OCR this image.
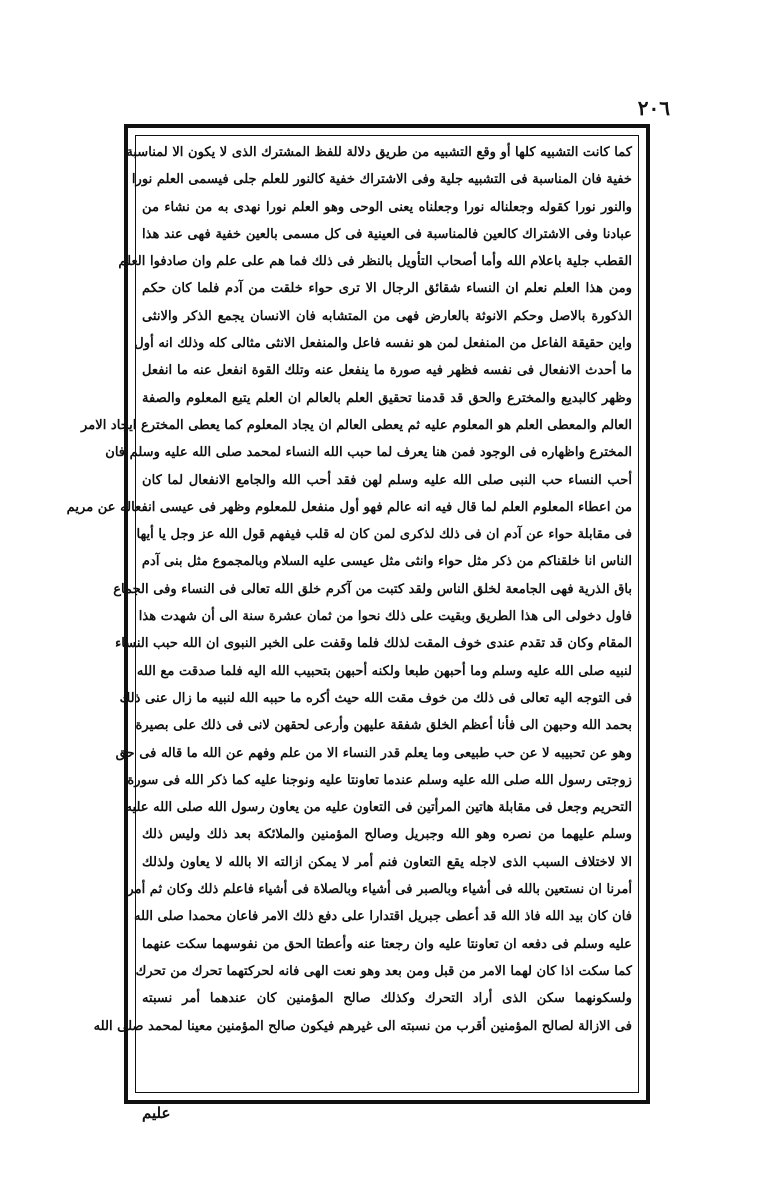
٢٠٦
كما كانت التشبيه كلها أو وقع التشبيه من طريق دلالة للفظ المشترك الذى لا يكون الا لمناسبة
خفية فان المناسبة فى التشبيه جلية وفى الاشتراك خفية كالنور للعلم جلى فيسمى العلم نورا
والنور نورا كقوله وجعلناله نورا وجعلناه يعنى الوحى وهو العلم نورا نهدى به من نشاء من
عبادنا وفى الاشتراك كالعين فالمناسبة فى العينية فى كل مسمى بالعين خفية فهى عند هذا
القطب جلية باعلام الله وأما أصحاب التأويل بالنظر فى ذلك فما هم على علم وان صادفوا العلم
ومن هذا العلم نعلم ان النساء شقائق الرجال الا ترى حواء خلقت من آدم فلما كان حكم
الذكورة بالاصل وحكم الانوثة بالعارض فهى من المتشابه فان الانسان يجمع الذكر والانثى
واين حقيقة الفاعل من المنفعل لمن هو نفسه فاعل والمنفعل الانثى مثالى كله وذلك انه أول
ما أحدث الانفعال فى نفسه فظهر فيه صورة ما ينفعل عنه وتلك القوة انفعل عنه ما انفعل
وظهر كالبديع والمخترع والحق قد قدمنا تحقيق العلم بالعالم ان العلم يتبع المعلوم والصفة
العالم والمعطى العلم هو المعلوم عليه ثم يعطى العالم ان يجاد المعلوم كما يعطى المخترع ايجاد الامر
المخترع واظهاره فى الوجود فمن هنا يعرف لما حبب الله النساء لمحمد صلى الله عليه وسلم فان
أحب النساء حب النبى صلى الله عليه وسلم لهن فقد أحب الله والجامع الانفعال لما كان
من اعطاء المعلوم العلم لما قال فيه انه عالم فهو أول منفعل للمعلوم وظهر فى عيسى انفعاله عن مريم
فى مقابلة حواء عن آدم ان فى ذلك لذكرى لمن كان له قلب فيفهم قول الله عز وجل يا أيها
الناس انا خلقناكم من ذكر مثل حواء وانثى مثل عيسى عليه السلام وبالمجموع مثل بنى آدم
باق الذرية فهى الجامعة لخلق الناس ولقد كتبت من آكرم خلق الله تعالى فى النساء وفى الجماع
فاول دخولى الى هذا الطريق وبقيت على ذلك نحوا من ثمان عشرة سنة الى أن شهدت هذا
المقام وكان قد تقدم عندى خوف المقت لذلك فلما وقفت على الخبر النبوى ان الله حبب النساء
لنبيه صلى الله عليه وسلم وما أحبهن طبعا ولكنه أحبهن بتحبيب الله اليه فلما صدقت مع الله
فى التوجه اليه تعالى فى ذلك من خوف مقت الله حيث أكره ما حببه الله لنبيه ما زال عنى ذلك
بحمد الله وحبهن الى فأنا أعظم الخلق شفقة عليهن وأرعى لحقهن لانى فى ذلك على بصيرة
وهو عن تحبيبه لا عن حب طبيعى وما يعلم قدر النساء الا من علم وفهم عن الله ما قاله فى حق
زوجتى رسول الله صلى الله عليه وسلم عندما تعاونتا عليه ونوجنا عليه كما ذكر الله فى سورة
التحريم وجعل فى مقابلة هاتين المرأتين فى التعاون عليه من يعاون رسول الله صلى الله عليه
وسلم عليهما من نصره وهو الله وجبريل وصالح المؤمنين والملائكة بعد ذلك وليس ذلك
الا لاختلاف السبب الذى لاجله يقع التعاون فنم أمر لا يمكن ازالته الا بالله لا يعاون ولذلك
أمرنا ان نستعين بالله فى أشياء وبالصبر فى أشياء وبالصلاة فى أشياء فاعلم ذلك وكان ثم أمر
فان كان بيد الله فاذ الله قد أعطى جبريل اقتدارا على دفع ذلك الامر فاعان محمدا صلى الله
عليه وسلم فى دفعه ان تعاونتا عليه وان رجعتا عنه وأعطتا الحق من نفوسهما سكت عنهما
كما سكت اذا كان لهما الامر من قبل ومن بعد وهو نعت الهى فانه لحركتهما تحرك من تحرك
ولسكونهما سكن الذى أراد التحرك وكذلك صالح المؤمنين كان عندهما أمر نسبته
فى الازالة لصالح المؤمنين أقرب من نسبته الى غيرهم فيكون صالح المؤمنين معينا لمحمد صلى الله
عليم
